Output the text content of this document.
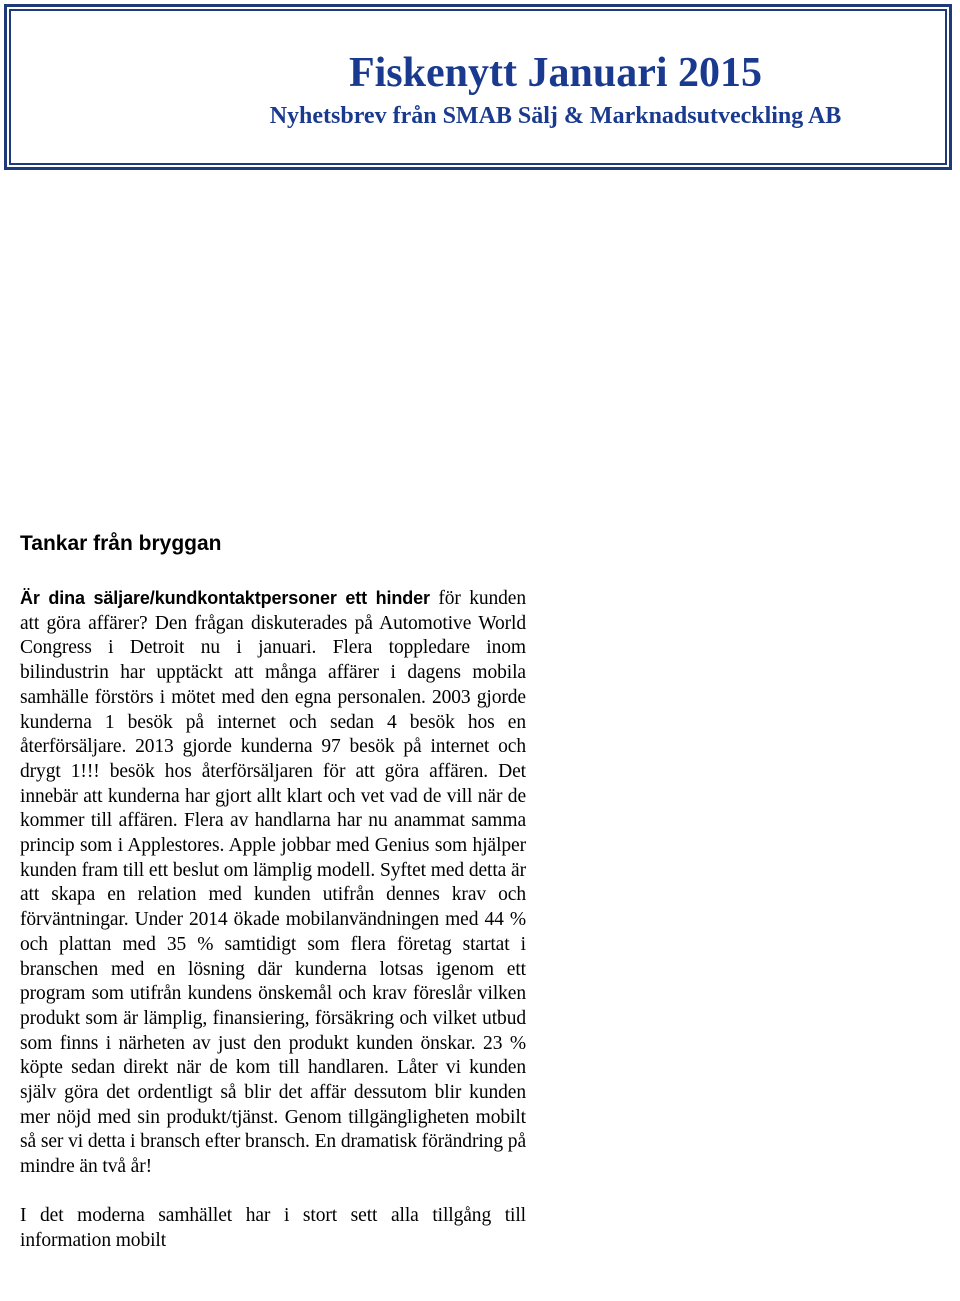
Fiskenytt Januari 2015
Nyhetsbrev från SMAB Sälj & Marknadsutveckling AB
Tankar från bryggan

Är dina säljare/kundkontaktpersoner ett hinder för kunden att göra affärer? Den frågan diskuterades på Automotive World Congress i Detroit nu i januari. Flera toppledare inom bilindustrin har upptäckt att många affärer i dagens mobila samhälle förstörs i mötet med den egna personalen. 2003 gjorde kunderna 1 besök på internet och sedan 4 besök hos en återförsäljare. 2013 gjorde kunderna 97 besök på internet och drygt 1!!! besök hos återförsäljaren för att göra affären. Det innebär att kunderna har gjort allt klart och vet vad de vill när de kommer till affären. Flera av handlarna har nu anammat samma princip som i Applestores. Apple jobbar med Genius som hjälper kunden fram till ett beslut om lämplig modell. Syftet med detta är att skapa en relation med kunden utifrån dennes krav och förväntningar. Under 2014 ökade mobilanvändningen med 44 % och plattan med 35 % samtidigt som flera företag startat i branschen med en lösning där kunderna lotsas igenom ett program som utifrån kundens önskemål och krav föreslår vilken produkt som är lämplig, finansiering, försäkring och vilket utbud som finns i närheten av just den produkt kunden önskar. 23 % köpte sedan direkt när de kom till handlaren. Låter vi kunden själv göra det ordentligt så blir det affär dessutom blir kunden mer nöjd med sin produkt/tjänst. Genom tillgängligheten mobilt så ser vi detta i bransch efter bransch. En dramatisk förändring på mindre än två år!

I det moderna samhället har i stort sett alla tillgång till information mobilt
